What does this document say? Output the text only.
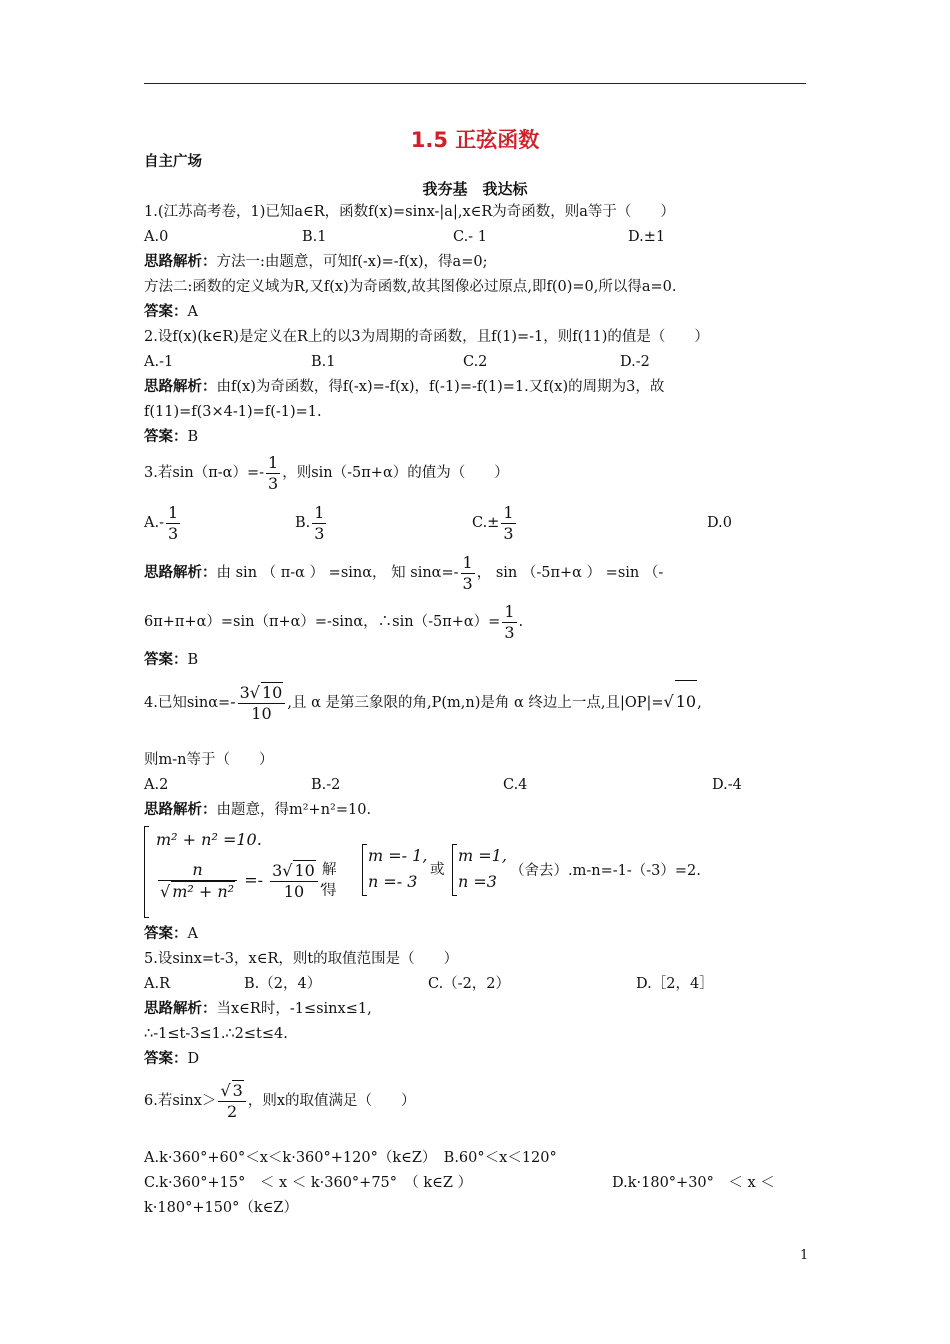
1.5 正弦函数
自主广场
我夯基　我达标
1.(江苏高考卷，1)已知a∈R，函数f(x)=sinx-|a|,x∈R为奇函数，则a等于（　　）
A.0	B.1	C.- 1	D.±1
思路解析：方法一:由题意，可知f(-x)=-f(x)，得a=0;
方法二:函数的定义域为R,又f(x)为奇函数,故其图像必过原点,即f(0)=0,所以得a=0.
答案：A
2.设f(x)(k∈R)是定义在R上的以3为周期的奇函数，且f(1)=-1，则f(11)的值是（　　）
A.-1	B.1	C.2	D.-2
思路解析：由f(x)为奇函数，得f(-x)=-f(x)，f(-1)=-f(1)=1.又f(x)的周期为3，故
f(11)=f(3×4-1)=f(-1)=1.
答案：B
3.若$\sin(\pi-\alpha)=- \frac{1}{3}$ ，则sin（-5π+α）的值为（　　）
$A.- \frac{1}{3}$	B. $\frac{1}{3}$	$C.\pm \frac{1}{3}$	D.0
思路解析：由 sin （ π-α ） =sinα， 知 $\sin\alpha=- \frac{1}{3}$ ， sin （-5π+α ） =sin （-
6π+π+α）=sin（π+α）=-sinα，∴sin（-5π+α）= $\frac{1}{3}$ .
答案：B
4.已知$\sin\alpha=- \frac{3√ 10}{10}$ ,且 α 是第三象限的角,P(m,n)是角 α 终边上一点,且|OP|=√ 10,
则m-n等于（　　）
A.2	B.-2	C.4	D.-4
思路解析：由题意，得m²+n²=10.
m² + n² =10.
$\frac{n}{\text{√ m² + n²}} =- \frac{3√ 10}{10}$ ,
解得
m =- 1,
n =- 3
或
m =1,
n =3
（舍去）.m-n=-1-（-3）=2.
答案：A
5.设sinx=t-3，x∈R，则t的取值范围是（　　）
A.R	B.（2，4）	C.（-2，2）	D.［2，4］
思路解析：当x∈R时，-1≤sinx≤1,
∴-1≤t-3≤1.∴2≤t≤4.
答案：D
6.若$\sin x> \frac{√ 3}{2}$ ，则x的取值满足（　　）
A.k·360°+60°＜x＜k·360°+120°（k∈Z）　B.60°＜x＜120°
C.k·360°+15°　＜ x ＜ k·360°+75°　（ k∈Z ）	D.k·180°+30°　＜ x ＜
k·180°+150°（k∈Z）
1
